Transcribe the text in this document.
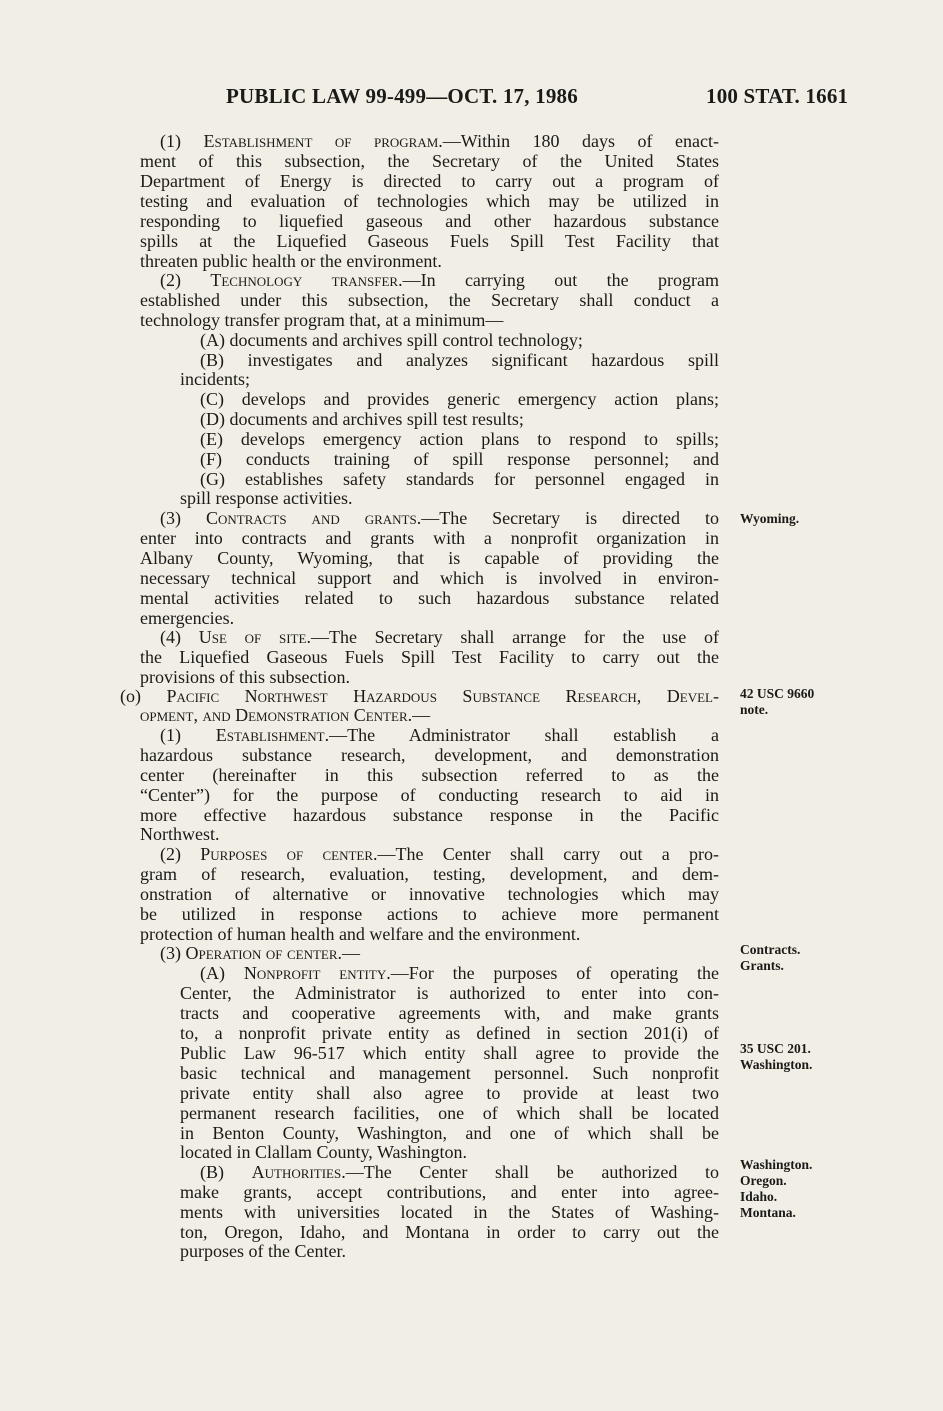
PUBLIC LAW 99-499—OCT. 17, 1986	100 STAT. 1661
(1) Establishment of program.—Within 180 days of enact-
ment of this subsection, the Secretary of the United States
Department of Energy is directed to carry out a program of
testing and evaluation of technologies which may be utilized in
responding to liquefied gaseous and other hazardous substance
spills at the Liquefied Gaseous Fuels Spill Test Facility that
threaten public health or the environment.
(2) Technology transfer.—In carrying out the program
established under this subsection, the Secretary shall conduct a
technology transfer program that, at a minimum—
(A) documents and archives spill control technology;
(B) investigates and analyzes significant hazardous spill
incidents;
(C) develops and provides generic emergency action plans;
(D) documents and archives spill test results;
(E) develops emergency action plans to respond to spills;
(F) conducts training of spill response personnel; and
(G) establishes safety standards for personnel engaged in
spill response activities.
(3) Contracts and grants.—The Secretary is directed to
enter into contracts and grants with a nonprofit organization in
Albany County, Wyoming, that is capable of providing the
necessary technical support and which is involved in environ-
mental activities related to such hazardous substance related
emergencies.
(4) Use of site.—The Secretary shall arrange for the use of
the Liquefied Gaseous Fuels Spill Test Facility to carry out the
provisions of this subsection.
(o) Pacific Northwest Hazardous Substance Research, Devel-
opment, and Demonstration Center.—
(1) Establishment.—The Administrator shall establish a
hazardous substance research, development, and demonstration
center (hereinafter in this subsection referred to as the
“Center”) for the purpose of conducting research to aid in
more effective hazardous substance response in the Pacific
Northwest.
(2) Purposes of center.—The Center shall carry out a pro-
gram of research, evaluation, testing, development, and dem-
onstration of alternative or innovative technologies which may
be utilized in response actions to achieve more permanent
protection of human health and welfare and the environment.
(3) Operation of center.—
(A) Nonprofit entity.—For the purposes of operating the
Center, the Administrator is authorized to enter into con-
tracts and cooperative agreements with, and make grants
to, a nonprofit private entity as defined in section 201(i) of
Public Law 96-517 which entity shall agree to provide the
basic technical and management personnel. Such nonprofit
private entity shall also agree to provide at least two
permanent research facilities, one of which shall be located
in Benton County, Washington, and one of which shall be
located in Clallam County, Washington.
(B) Authorities.—The Center shall be authorized to
make grants, accept contributions, and enter into agree-
ments with universities located in the States of Washing-
ton, Oregon, Idaho, and Montana in order to carry out the
purposes of the Center.
Wyoming.
42 USC 9660
note.
Contracts.
Grants.
35 USC 201.
Washington.
Washington.
Oregon.
Idaho.
Montana.
